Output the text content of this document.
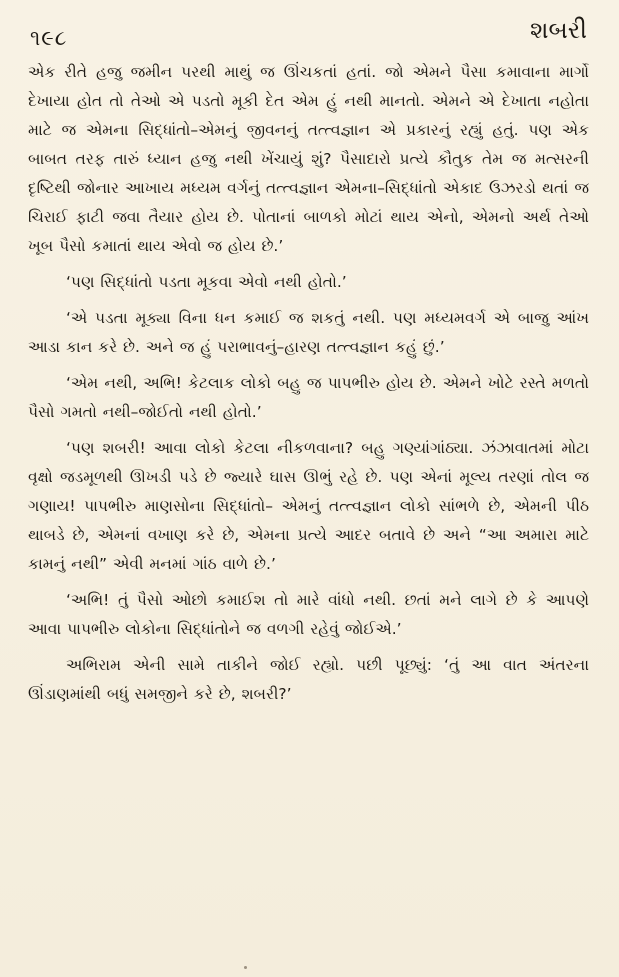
૧૯૮	શબરી

એક રીતે હજુ જમીન પરથી માથું જ ઊંચકતાં હતાં. જો એમને પૈસા કમાવાના માર્ગો દેખાયા હોત તો તેઓ એ પડતો મૂકી દેત એમ હું નથી માનતો. એમને એ દેખાતા નહોતા માટે જ એમના સિદ્ધાંતો–એમનું જીવનનું તત્ત્વજ્ઞાન એ પ્રકારનું રહ્યું હતું. પણ એક બાબત તરફ તારું ધ્યાન હજુ નથી ખેંચાયું શું? પૈસાદારો પ્રત્યે કૌતુક તેમ જ મત્સરની દૃષ્ટિથી જોનાર આખાય મધ્યમ વર્ગનું તત્ત્વજ્ઞાન એમના–સિદ્ધાંતો એકાદ ઉઝરડો થતાં જ ચિરાઈ ફાટી જવા તૈયાર હોય છે. પોતાનાં બાળકો મોટાં થાય એનો, એમનો અર્થ તેઓ ખૂબ પૈસો કમાતાં થાય એવો જ હોય છે.’

‘પણ સિદ્ધાંતો પડતા મૂકવા એવો નથી હોતો.’

‘એ પડતા મૂક્યા વિના ધન કમાઈ જ શકતું નથી. પણ મધ્યમવર્ગ એ બાજુ આંખ આડા કાન કરે છે. અને જ હું પરાભાવનું–હારણ તત્ત્વજ્ઞાન કહું છું.’

‘એમ નથી, અભિ! કેટલાક લોકો બહુ જ પાપભીરુ હોય છે. એમને ખોટે રસ્તે મળતો પૈસો ગમતો નથી–જોઈતો નથી હોતો.’

‘પણ શબરી! આવા લોકો કેટલા નીકળવાના? બહુ ગણ્યાંગાંઠ્યા. ઝંઝાવાતમાં મોટા વૃક્ષો જડમૂળથી ઊખડી પડે છે જ્યારે ઘાસ ઊભું રહે છે. પણ એનાં મૂલ્ય તરણાં તોલ જ ગણાય! પાપભીરુ માણસોના સિદ્ધાંતો– એમનું તત્ત્વજ્ઞાન લોકો સાંભળે છે, એમની પીઠ થાબડે છે, એમનાં વખાણ કરે છે, એમના પ્રત્યે આદર બતાવે છે અને “આ અમારા માટે કામનું નથી” એવી મનમાં ગાંઠ વાળે છે.’

‘અભિ! તું પૈસો ઓછો કમાઈશ તો મારે વાંધો નથી. છતાં મને લાગે છે કે આપણે આવા પાપભીરુ લોકોના સિદ્ધાંતોને જ વળગી રહેવું જોઈએ.’

અભિરામ એની સામે તાકીને જોઈ રહ્યો. પછી પૂછ્યું: ‘તું આ વાત અંતરના ઊંડાણમાંથી બધું સમજીને કરે છે, શબરી?’
